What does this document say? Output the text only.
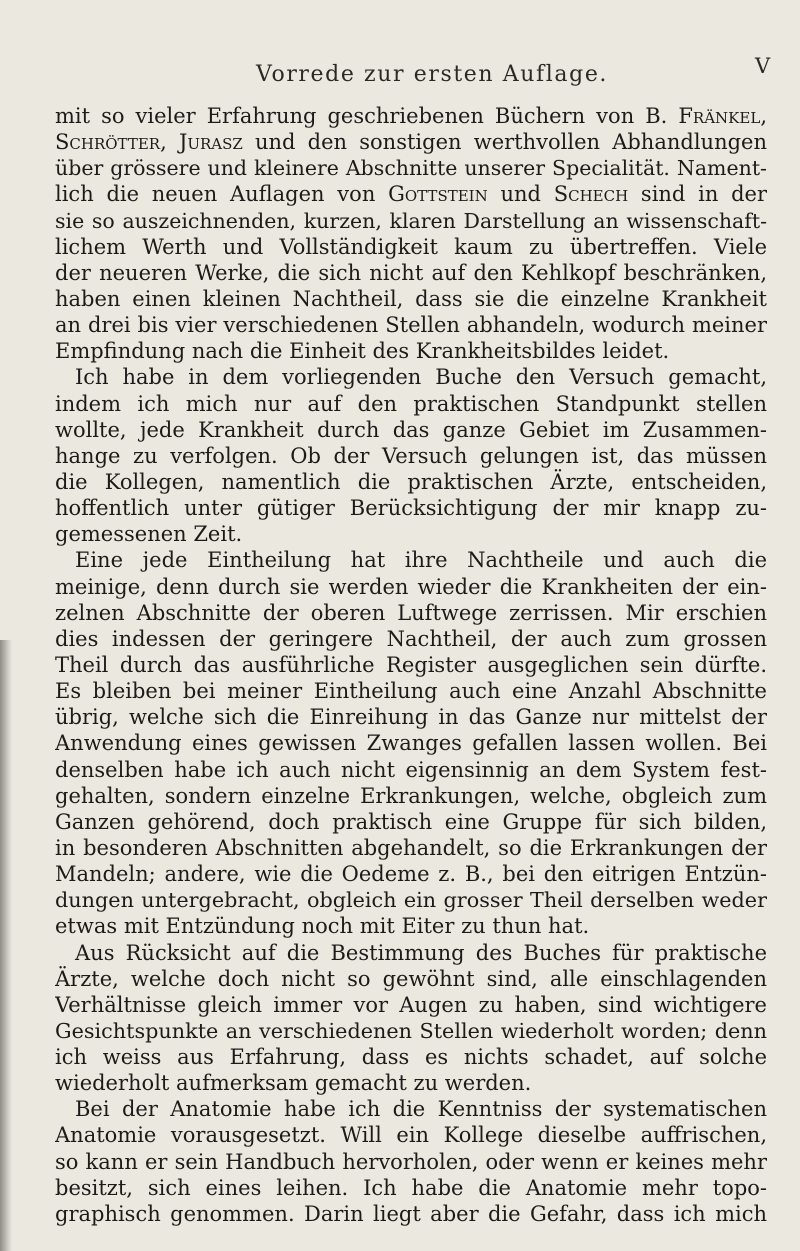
Vorrede zur ersten Auflage.	V
mit so vieler Erfahrung geschriebenen Büchern von B. Fränkel,
Schrötter, Jurasz und den sonstigen werthvollen Abhandlungen
über grössere und kleinere Abschnitte unserer Specialität. Nament-
lich die neuen Auflagen von Gottstein und Schech sind in der
sie so auszeichnenden, kurzen, klaren Darstellung an wissenschaft-
lichem Werth und Vollständigkeit kaum zu übertreffen. Viele
der neueren Werke, die sich nicht auf den Kehlkopf beschränken,
haben einen kleinen Nachtheil, dass sie die einzelne Krankheit
an drei bis vier verschiedenen Stellen abhandeln, wodurch meiner
Empfindung nach die Einheit des Krankheitsbildes leidet.
Ich habe in dem vorliegenden Buche den Versuch gemacht,
indem ich mich nur auf den praktischen Standpunkt stellen
wollte, jede Krankheit durch das ganze Gebiet im Zusammen-
hange zu verfolgen. Ob der Versuch gelungen ist, das müssen
die Kollegen, namentlich die praktischen Ärzte, entscheiden,
hoffentlich unter gütiger Berücksichtigung der mir knapp zu-
gemessenen Zeit.
Eine jede Eintheilung hat ihre Nachtheile und auch die
meinige, denn durch sie werden wieder die Krankheiten der ein-
zelnen Abschnitte der oberen Luftwege zerrissen. Mir erschien
dies indessen der geringere Nachtheil, der auch zum grossen
Theil durch das ausführliche Register ausgeglichen sein dürfte.
Es bleiben bei meiner Eintheilung auch eine Anzahl Abschnitte
übrig, welche sich die Einreihung in das Ganze nur mittelst der
Anwendung eines gewissen Zwanges gefallen lassen wollen. Bei
denselben habe ich auch nicht eigensinnig an dem System fest-
gehalten, sondern einzelne Erkrankungen, welche, obgleich zum
Ganzen gehörend, doch praktisch eine Gruppe für sich bilden,
in besonderen Abschnitten abgehandelt, so die Erkrankungen der
Mandeln; andere, wie die Oedeme z. B., bei den eitrigen Entzün-
dungen untergebracht, obgleich ein grosser Theil derselben weder
etwas mit Entzündung noch mit Eiter zu thun hat.
Aus Rücksicht auf die Bestimmung des Buches für praktische
Ärzte, welche doch nicht so gewöhnt sind, alle einschlagenden
Verhältnisse gleich immer vor Augen zu haben, sind wichtigere
Gesichtspunkte an verschiedenen Stellen wiederholt worden; denn
ich weiss aus Erfahrung, dass es nichts schadet, auf solche
wiederholt aufmerksam gemacht zu werden.
Bei der Anatomie habe ich die Kenntniss der systematischen
Anatomie vorausgesetzt. Will ein Kollege dieselbe auffrischen,
so kann er sein Handbuch hervorholen, oder wenn er keines mehr
besitzt, sich eines leihen. Ich habe die Anatomie mehr topo-
graphisch genommen. Darin liegt aber die Gefahr, dass ich mich
